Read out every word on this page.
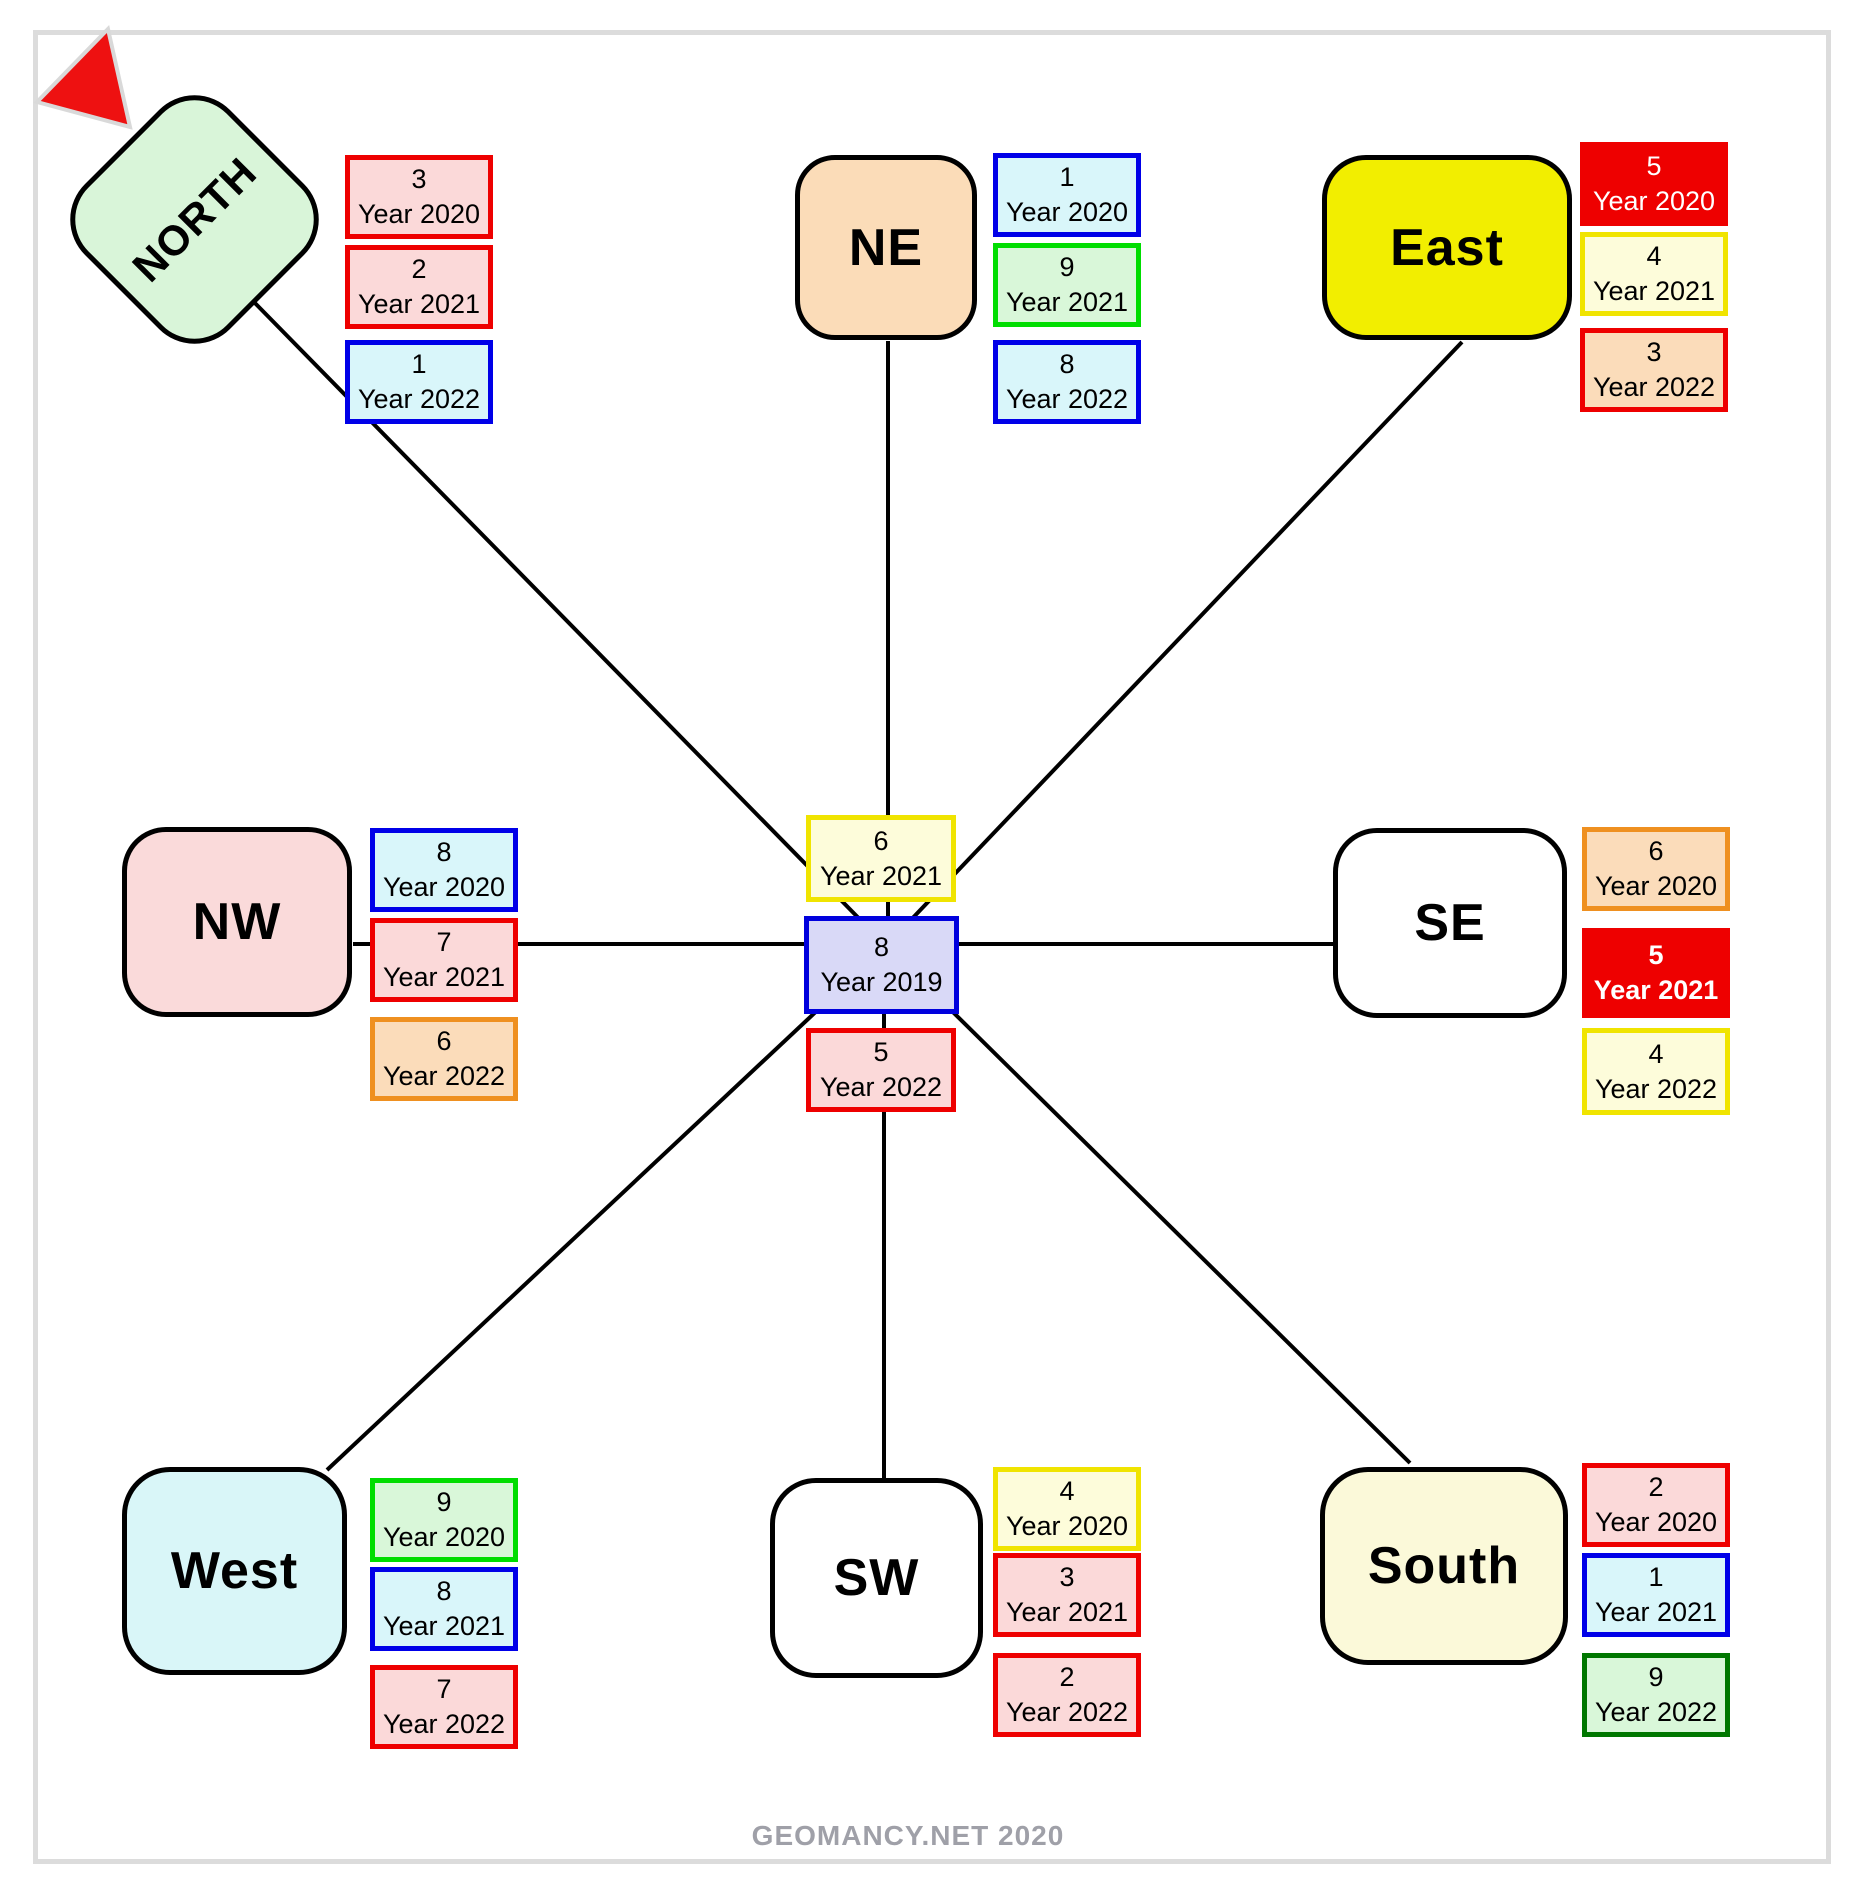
NORTH	NE	East
NW	SE
West	SW	South
3
Year 2020
2
Year 2021
1
Year 2022
1
Year 2020
9
Year 2021
8
Year 2022
5
Year 2020
4
Year 2021
3
Year 2022
8
Year 2020
7
Year 2021
6
Year 2022
6
Year 2021
8
Year 2019
5
Year 2022
6
Year 2020
5
Year 2021
4
Year 2022
9
Year 2020
8
Year 2021
7
Year 2022
4
Year 2020
3
Year 2021
2
Year 2022
2
Year 2020
1
Year 2021
9
Year 2022
GEOMANCY.NET 2020
